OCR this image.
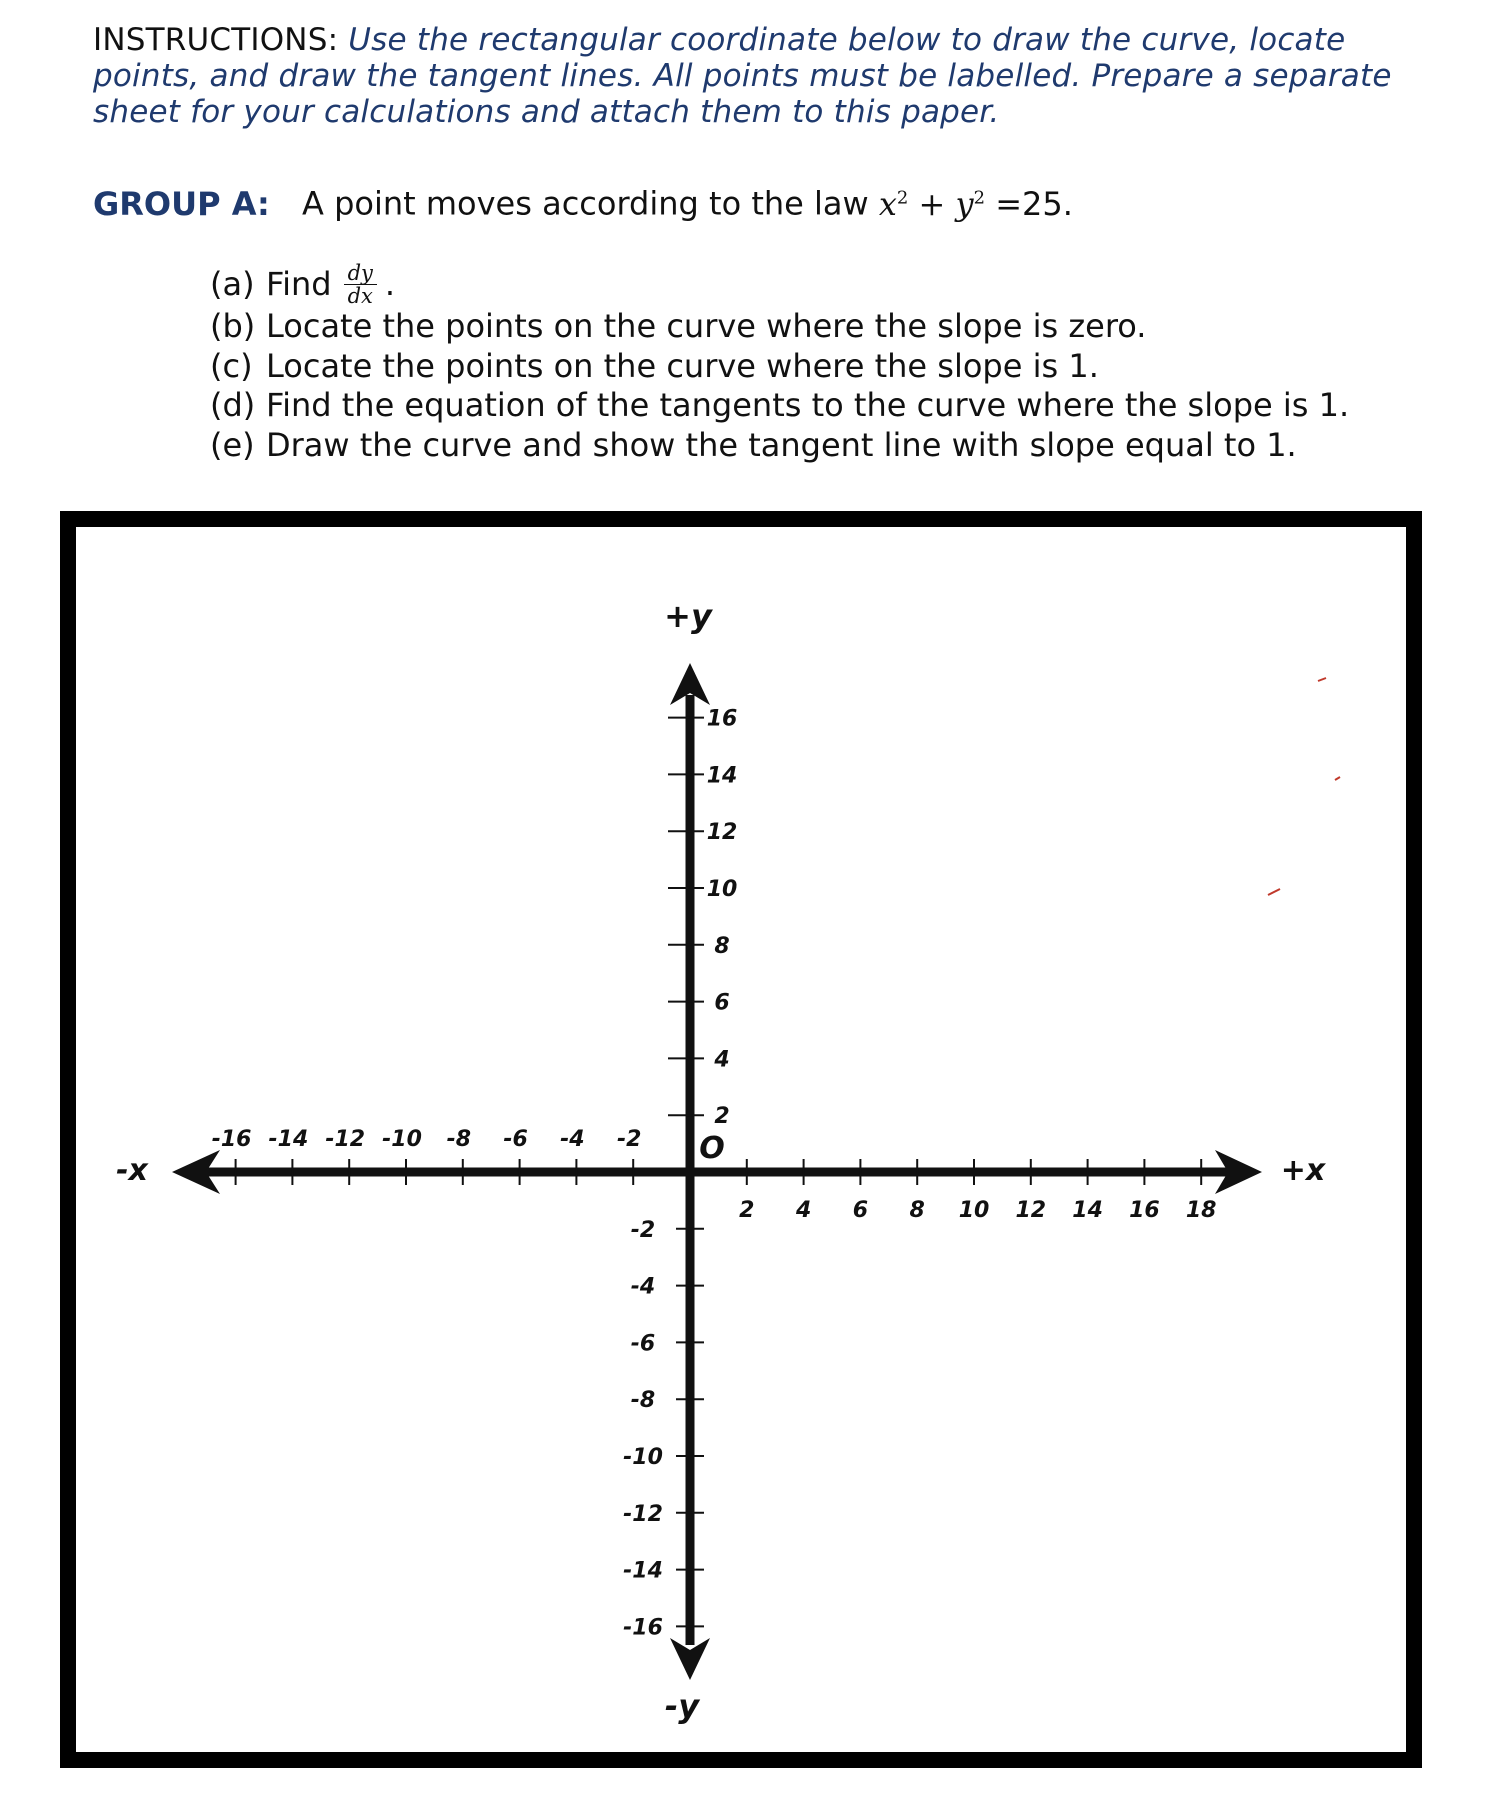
INSTRUCTIONS: Use the rectangular coordinate below to draw the curve, locate points, and draw the tangent lines. All points must be labelled. Prepare a separate sheet for your calculations and attach them to this paper.
GROUP A: A point moves according to the law $x^2 + y^2 =25$.
(a) Find $\frac{dy}{dx}$ .
(b) Locate the points on the curve where the slope is zero.
(c) Locate the points on the curve where the slope is 1.
(d) Find the equation of the tangents to the curve where the slope is 1.
(e) Draw the curve and show the tangent line with slope equal to 1.
+y
-y
+x
-x
O
2 4 6 8 10 12 14 16 18
-2
-4
-6
-8
-10
-12
-14
-16
2
4
6
8
10
12
14
16
-2
-4
-6
-8
-10
-12
-14
-16
